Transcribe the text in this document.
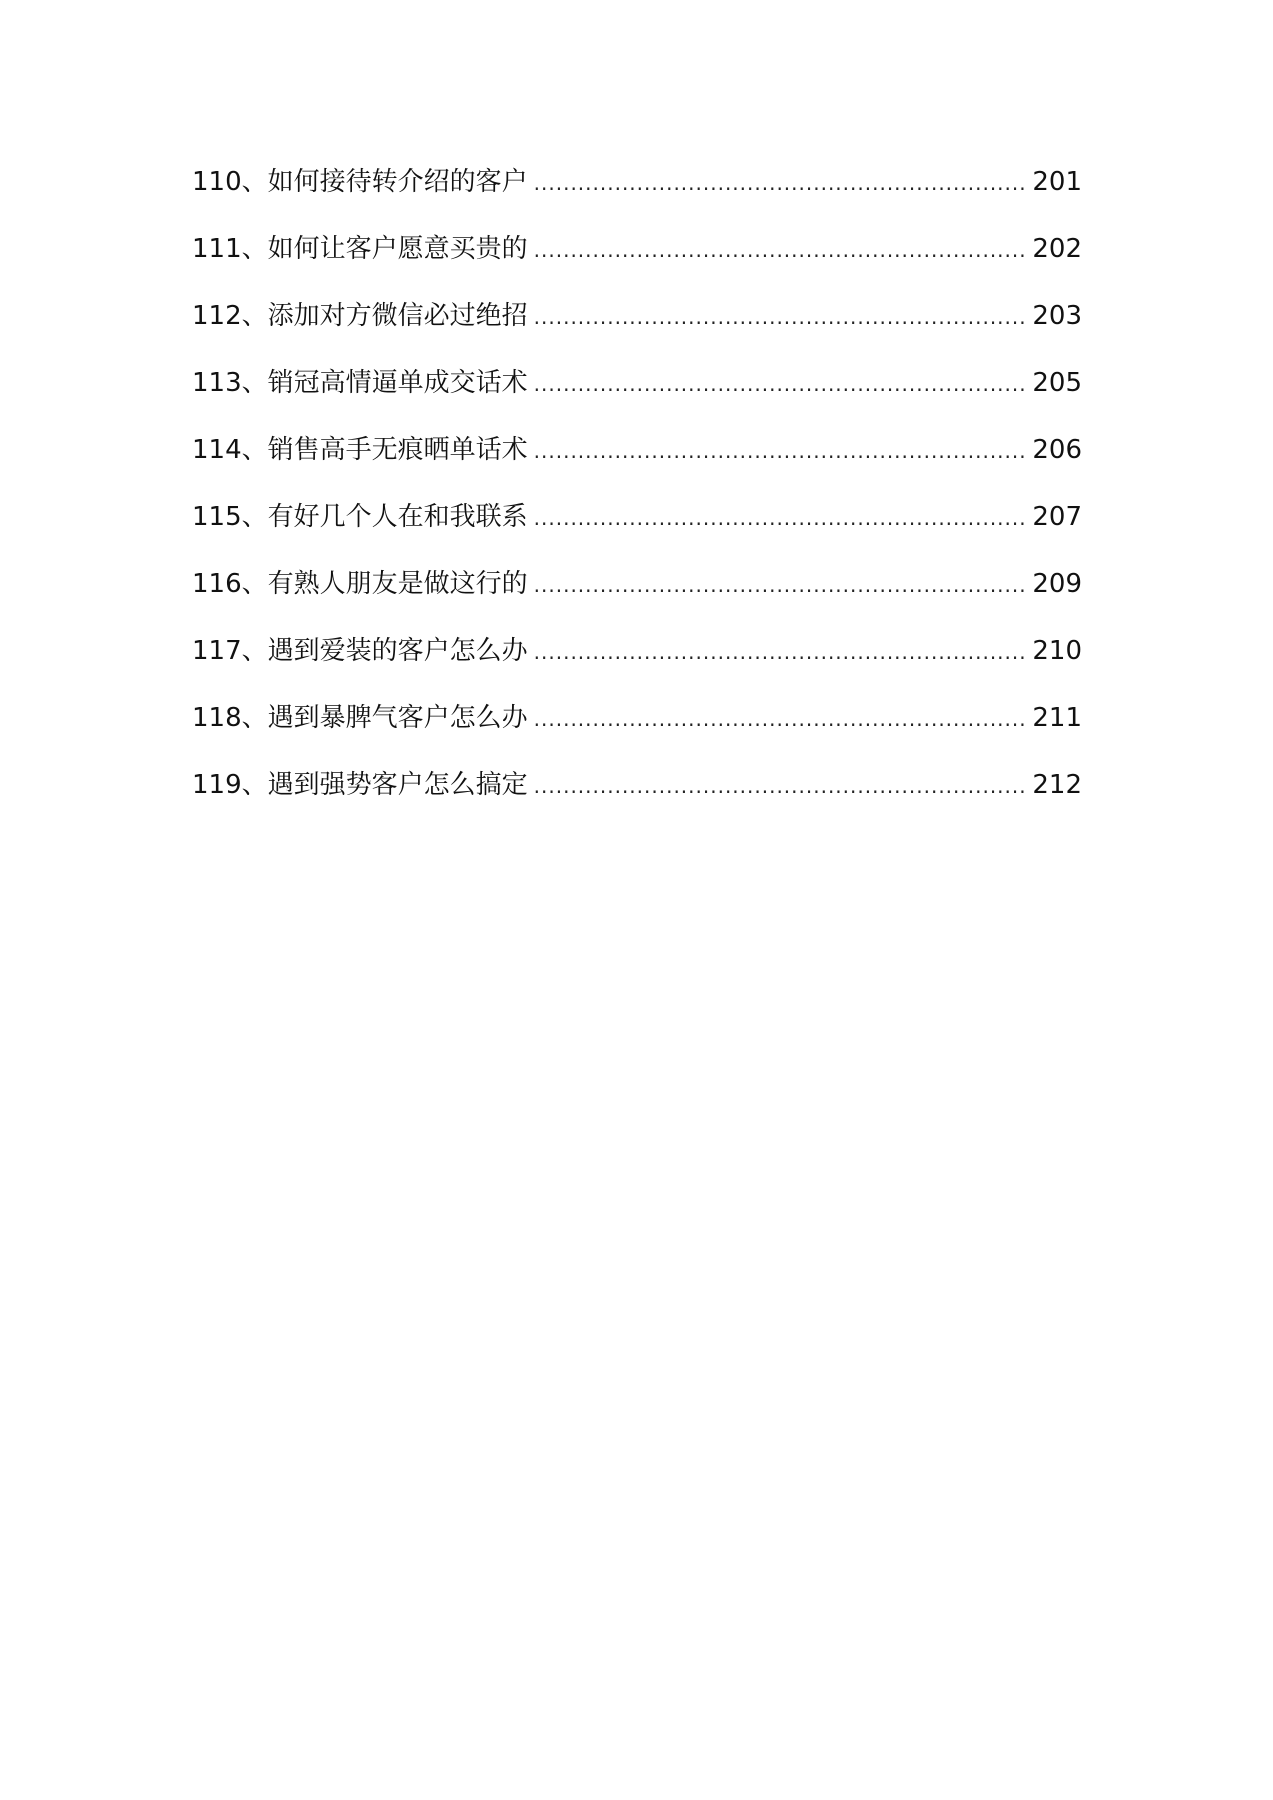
110、 如何接待转介绍的客户 .....	201
111、 如何让客户愿意买贵的 .....	202
112、 添加对方微信必过绝招 .....	203
113、 销冠高情逼单成交话术 .....	205
114、 销售高手无痕晒单话术 .....	206
115、 有好几个人在和我联系 .....	207
116、 有熟人朋友是做这行的 .....	209
117、 遇到爱装的客户怎么办 .....	210
118、 遇到暴脾气客户怎么办 .....	211
119、 遇到强势客户怎么搞定 .....	212
